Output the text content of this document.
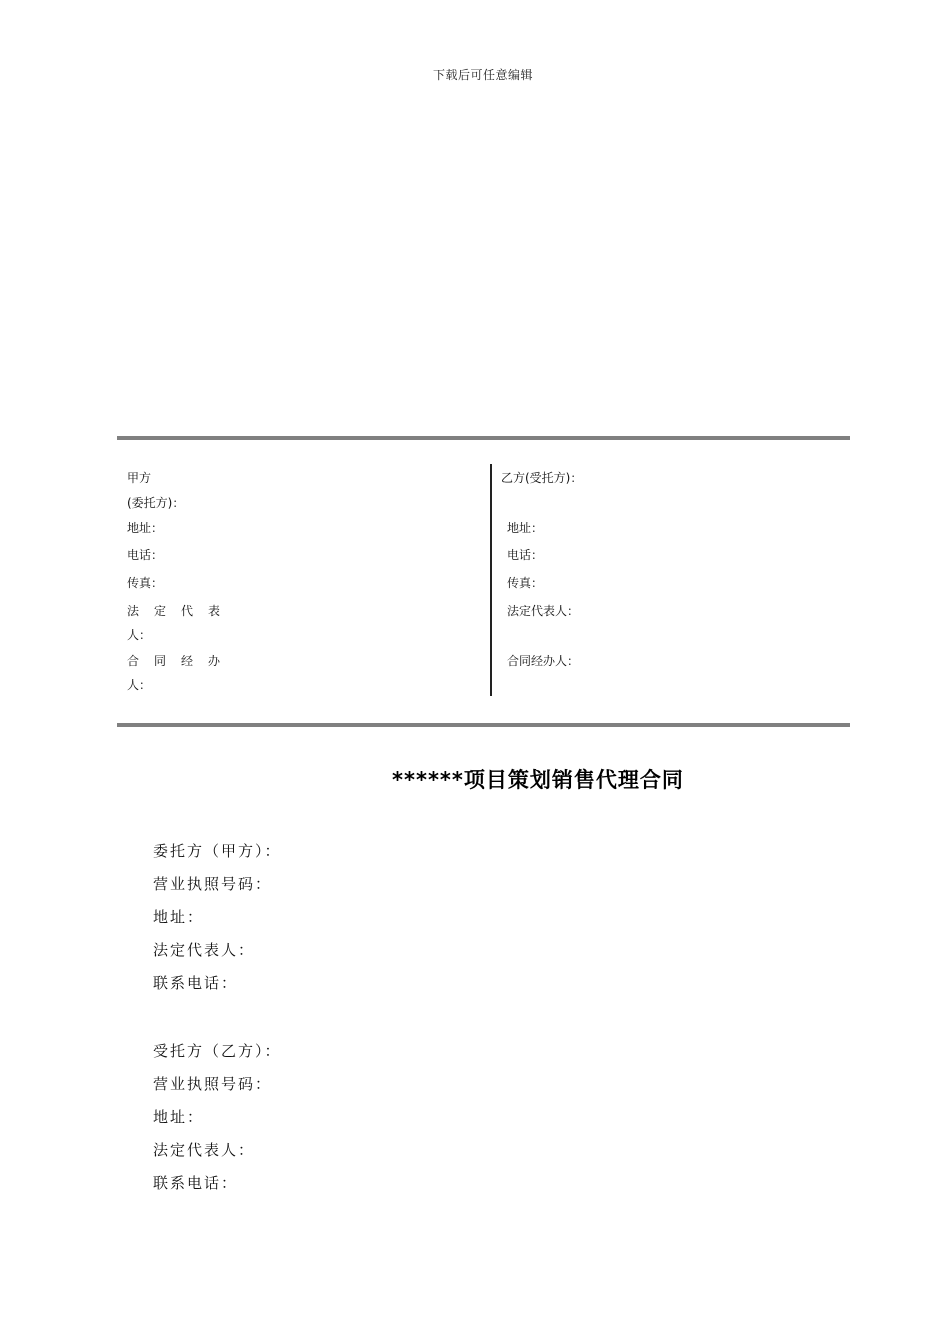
下载后可任意编辑
甲方
(委托方)：
地址：
电话：
传真：
法定代表
人：
合同经办
人：
乙方(受托方)：
地址：
电话：
传真：
法定代表人：
合同经办人：
******项目策划销售代理合同
委托方（甲方）：
营业执照号码：
地址：
法定代表人：
联系电话：
受托方（乙方）：
营业执照号码：
地址：
法定代表人：
联系电话：
